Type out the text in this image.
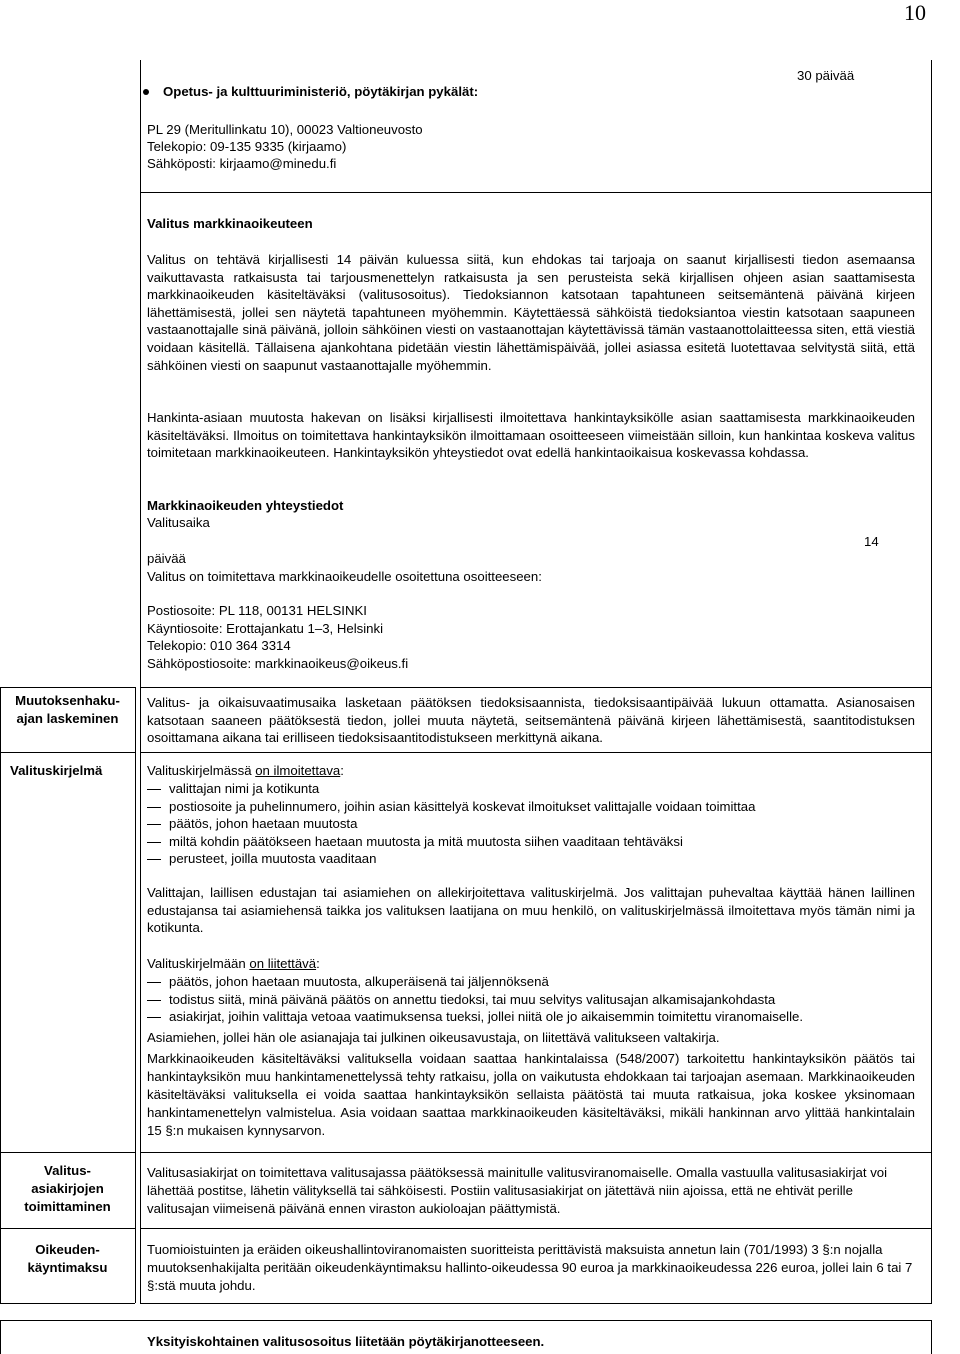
10
Opetus- ja kulttuuriministeriö, pöytäkirjan pykälät:
30 päivää
PL 29 (Meritullinkatu 10), 00023 Valtioneuvosto
Telekopio: 09-135 9335 (kirjaamo)
Sähköposti: kirjaamo@minedu.fi
Valitus markkinaoikeuteen
Valitus on tehtävä kirjallisesti 14 päivän kuluessa siitä, kun ehdokas tai tarjoaja on saanut kirjallisesti tiedon asemaansa vaikuttavasta ratkaisusta tai tarjousmenettelyn ratkaisusta ja sen perusteista sekä kirjallisen ohjeen asian saattamisesta markkinaoikeuden käsiteltäväksi (valitusosoitus). Tiedoksiannon katsotaan tapahtuneen seitsemäntenä päivänä kirjeen lähettämisestä, jollei sen näytetä tapahtuneen myöhemmin. Käytettäessä sähköistä tiedoksiantoa viestin katsotaan saapuneen vastaanottajalle sinä päivänä, jolloin sähköinen viesti on vastaanottajan käytettävissä tämän vastaanottolaitteessa siten, että viestiä voidaan käsitellä. Tällaisena ajankohtana pidetään viestin lähettämispäivää, jollei asiassa esitetä luotettavaa selvitystä siitä, että sähköinen viesti on saapunut vastaanottajalle myöhemmin.
Hankinta-asiaan muutosta hakevan on lisäksi kirjallisesti ilmoitettava hankintayksikölle asian saattamisesta markkinaoikeuden käsiteltäväksi. Ilmoitus on toimitettava hankintayksikön ilmoittamaan osoitteeseen viimeistään silloin, kun hankintaa koskeva valitus toimitetaan markkinaoikeuteen. Hankintayksikön yhteystiedot ovat edellä hankintaoikaisua koskevassa kohdassa.
Markkinaoikeuden yhteystiedot
Valitusaika
14
päivää
Valitus on toimitettava markkinaoikeudelle osoitettuna osoitteeseen:
Postiosoite: PL 118, 00131 HELSINKI
Käyntiosoite: Erottajankatu 1–3, Helsinki
Telekopio: 010 364 3314
Sähköpostiosoite: markkinaoikeus@oikeus.fi
Muutoksenhaku-
ajan laskeminen
Valitus- ja oikaisuvaatimusaika lasketaan päätöksen tiedoksisaannista, tiedoksisaantipäivää lukuun ottamatta. Asianosaisen katsotaan saaneen päätöksestä tiedon, jollei muuta näytetä, seitsemäntenä päivänä kirjeen lähettämisestä, saantitodistuksen osoittamana aikana tai erilliseen tiedoksisaantitodistukseen merkittynä aikana.
Valituskirjelmä	Valituskirjelmässä on ilmoitettava:
valittajan nimi ja kotikunta
postiosoite ja puhelinnumero, joihin asian käsittelyä koskevat ilmoitukset valittajalle voidaan toimittaa
päätös, johon haetaan muutosta
miltä kohdin päätökseen haetaan muutosta ja mitä muutosta siihen vaaditaan tehtäväksi
perusteet, joilla muutosta vaaditaan
Valittajan, laillisen edustajan tai asiamiehen on allekirjoitettava valituskirjelmä. Jos valittajan puhevaltaa käyttää hänen laillinen edustajansa tai asiamiehensä taikka jos valituksen laatijana on muu henkilö, on valituskirjelmässä ilmoitettava myös tämän nimi ja kotikunta.
Valituskirjelmään on liitettävä:
päätös, johon haetaan muutosta, alkuperäisenä tai jäljennöksenä
todistus siitä, minä päivänä päätös on annettu tiedoksi, tai muu selvitys valitusajan alkamisajankohdasta
asiakirjat, joihin valittaja vetoaa vaatimuksensa tueksi, jollei niitä ole jo aikaisemmin toimitettu viranomaiselle.
Asiamiehen, jollei hän ole asianajaja tai julkinen oikeusavustaja, on liitettävä valitukseen valtakirja.
Markkinaoikeuden käsiteltäväksi valituksella voidaan saattaa hankintalaissa (548/2007) tarkoitettu hankintayksikön päätös tai hankintayksikön muu hankintamenettelyssä tehty ratkaisu, jolla on vaikutusta ehdokkaan tai tarjoajan asemaan. Markkinaoikeuden käsiteltäväksi valituksella ei voida saattaa hankintayksikön sellaista päätöstä tai muuta ratkaisua, joka koskee yksinomaan hankintamenettelyn valmistelua. Asia voidaan saattaa markkinaoikeuden käsiteltäväksi, mikäli hankinnan arvo ylittää hankintalain 15 §:n mukaisen kynnysarvon.
Valitus-
asiakirjojen
toimittaminen
Valitusasiakirjat on toimitettava valitusajassa päätöksessä mainitulle valitusviranomaiselle. Omalla vastuulla valitusasiakirjat voi lähettää postitse, lähetin välityksellä tai sähköisesti. Postiin valitusasiakirjat on jätettävä niin ajoissa, että ne ehtivät perille valitusajan viimeisenä päivänä ennen viraston aukioloajan päättymistä.
Oikeuden-
käyntimaksu
Tuomioistuinten ja eräiden oikeushallintoviranomaisten suoritteista perittävistä maksuista annetun lain (701/1993) 3 §:n nojalla muutoksenhakijalta peritään oikeudenkäyntimaksu hallinto-oikeudessa 90 euroa ja markkinaoikeudessa 226 euroa, jollei lain 6 tai 7 §:stä muuta johdu.
Yksityiskohtainen valitusosoitus liitetään pöytäkirjanotteeseen.
